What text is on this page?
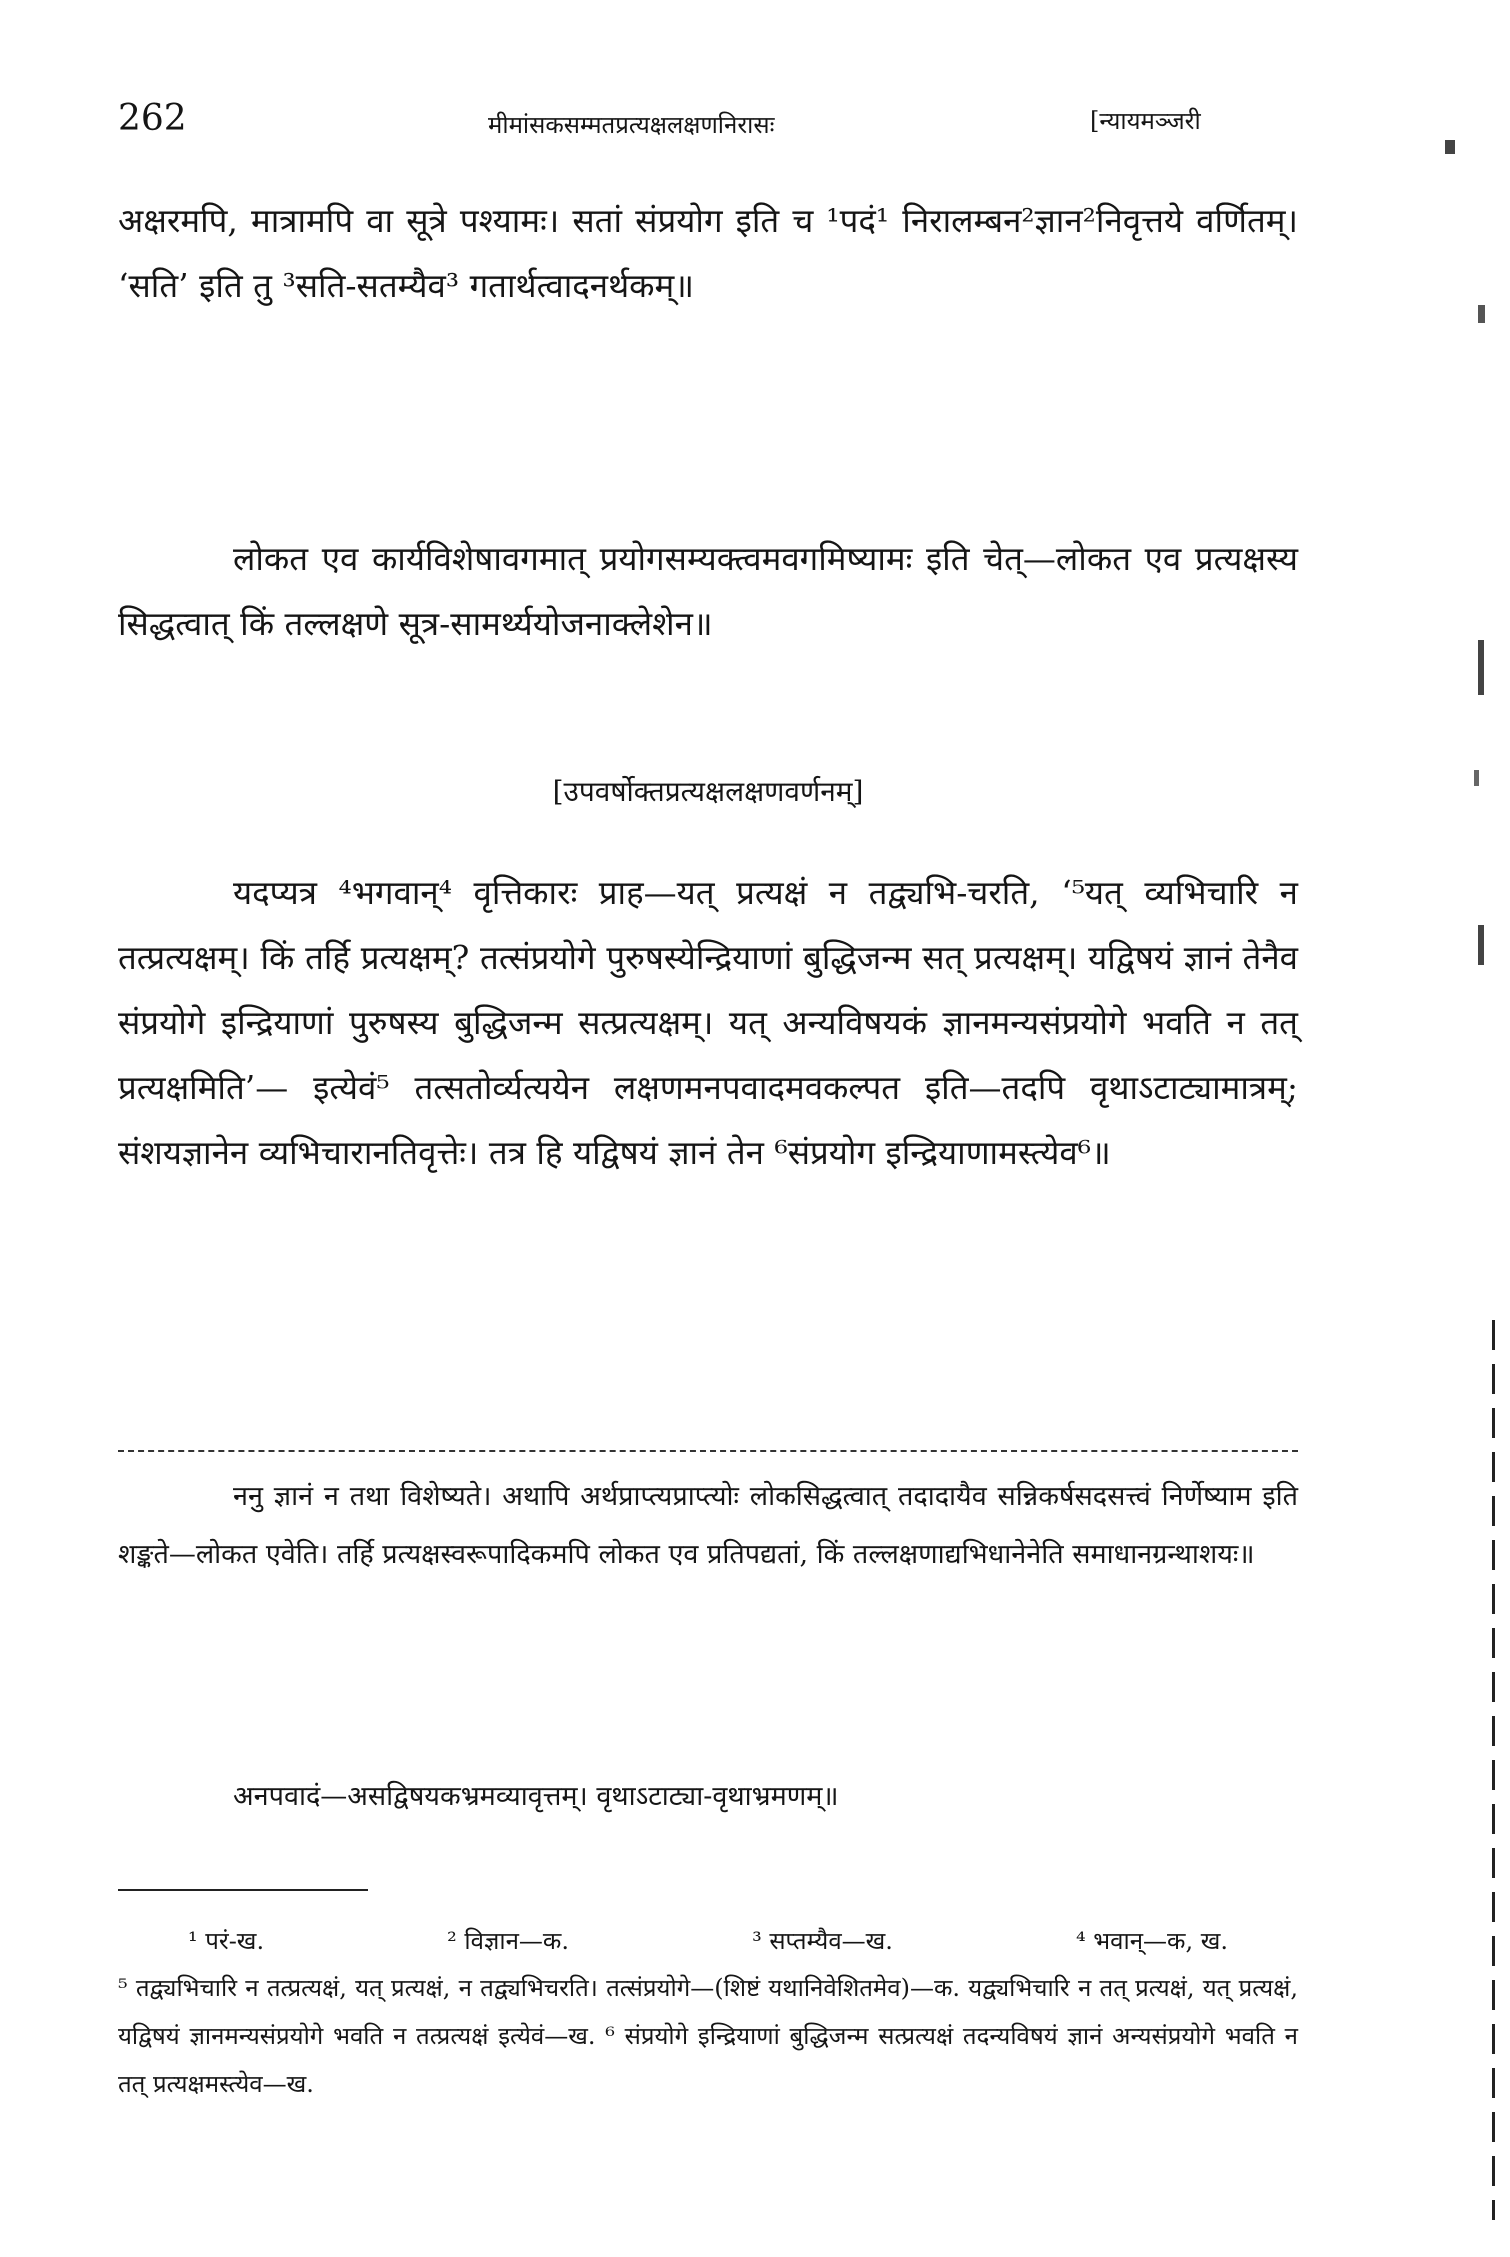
262	मीमांसकसम्मतप्रत्यक्षलक्षणनिरासः	[न्यायमञ्जरी

अक्षरमपि, मात्रामपि वा सूत्रे पश्यामः। सतां संप्रयोग इति च ¹पदं¹ निरालम्बन²ज्ञान²निवृत्तये वर्णितम्। ‘सति’ इति तु ³सति-सतम्यैव³ गतार्थत्वादनर्थकम्॥

लोकत एव कार्यविशेषावगमात् प्रयोगसम्यक्त्वमवगमिष्यामः इति चेत्—लोकत एव प्रत्यक्षस्य सिद्धत्वात् किं तल्लक्षणे सूत्र-सामर्थ्ययोजनाक्लेशेन॥

[उपवर्षोक्तप्रत्यक्षलक्षणवर्णनम्]

यदप्यत्र ⁴भगवान्⁴ वृत्तिकारः प्राह—यत् प्रत्यक्षं न तद्व्यभि-चरति, ‘⁵यत् व्यभिचारि न तत्प्रत्यक्षम्। किं तर्हि प्रत्यक्षम्? तत्संप्रयोगे पुरुषस्येन्द्रियाणां बुद्धिजन्म सत् प्रत्यक्षम्। यद्विषयं ज्ञानं तेनैव संप्रयोगे इन्द्रियाणां पुरुषस्य बुद्धिजन्म सत्प्रत्यक्षम्। यत् अन्यविषयकं ज्ञानमन्यसंप्रयोगे भवति न तत् प्रत्यक्षमिति’— इत्येवं⁵ तत्सतोर्व्यत्ययेन लक्षणमनपवादमवकल्पत इति—तदपि वृथाऽटाट्यामात्रम्; संशयज्ञानेन व्यभिचारानतिवृत्तेः। तत्र हि यद्विषयं ज्ञानं तेन ⁶संप्रयोग इन्द्रियाणामस्त्येव⁶॥

ननु ज्ञानं न तथा विशेष्यते। अथापि अर्थप्राप्त्यप्राप्त्योः लोकसिद्धत्वात् तदादायैव सन्निकर्षसदसत्त्वं निर्णेष्याम इति शङ्कते—लोकत एवेति। तर्हि प्रत्यक्षस्वरूपादिकमपि लोकत एव प्रतिपद्यतां, किं तल्लक्षणाद्यभिधानेनेति समाधानग्रन्थाशयः॥

अनपवादं—असद्विषयकभ्रमव्यावृत्तम्। वृथाऽटाट्या-वृथाभ्रमणम्॥

¹ परं-ख.	² विज्ञान—क.	³ सप्तम्यैव—ख.	⁴ भवान्—क, ख.

⁵ तद्व्यभिचारि न तत्प्रत्यक्षं, यत् प्रत्यक्षं, न तद्व्यभिचरति। तत्संप्रयोगे—(शिष्टं यथानिवेशितमेव)—क. यद्व्यभिचारि न तत् प्रत्यक्षं, यत् प्रत्यक्षं, यद्विषयं ज्ञानमन्यसंप्रयोगे भवति न तत्प्रत्यक्षं इत्येवं—ख. ⁶ संप्रयोगे इन्द्रियाणां बुद्धिजन्म सत्प्रत्यक्षं तदन्यविषयं ज्ञानं अन्यसंप्रयोगे भवति न तत् प्रत्यक्षमस्त्येव—ख.
